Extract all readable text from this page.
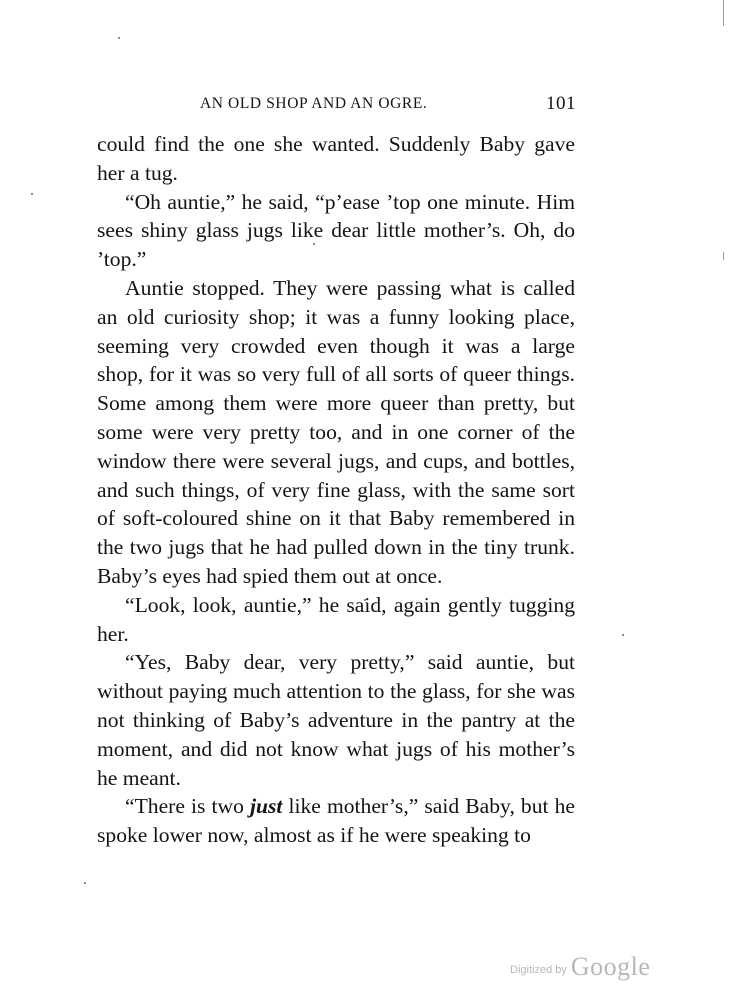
AN OLD SHOP AND AN OGRE.	101

could find the one she wanted. Suddenly Baby gave her a tug.

“Oh auntie,” he said, “p’ease ’top one minute. Him sees shiny glass jugs like dear little mother’s. Oh, do ’top.”

Auntie stopped. They were passing what is called an old curiosity shop; it was a funny looking place, seeming very crowded even though it was a large shop, for it was so very full of all sorts of queer things. Some among them were more queer than pretty, but some were very pretty too, and in one corner of the window there were several jugs, and cups, and bottles, and such things, of very fine glass, with the same sort of soft-coloured shine on it that Baby remembered in the two jugs that he had pulled down in the tiny trunk. Baby’s eyes had spied them out at once.

“Look, look, auntie,” he said, again gently tugging her.

“Yes, Baby dear, very pretty,” said auntie, but without paying much attention to the glass, for she was not thinking of Baby’s adventure in the pantry at the moment, and did not know what jugs of his mother’s he meant.

“There is two just like mother’s,” said Baby, but he spoke lower now, almost as if he were speaking to

Digitized by Google
